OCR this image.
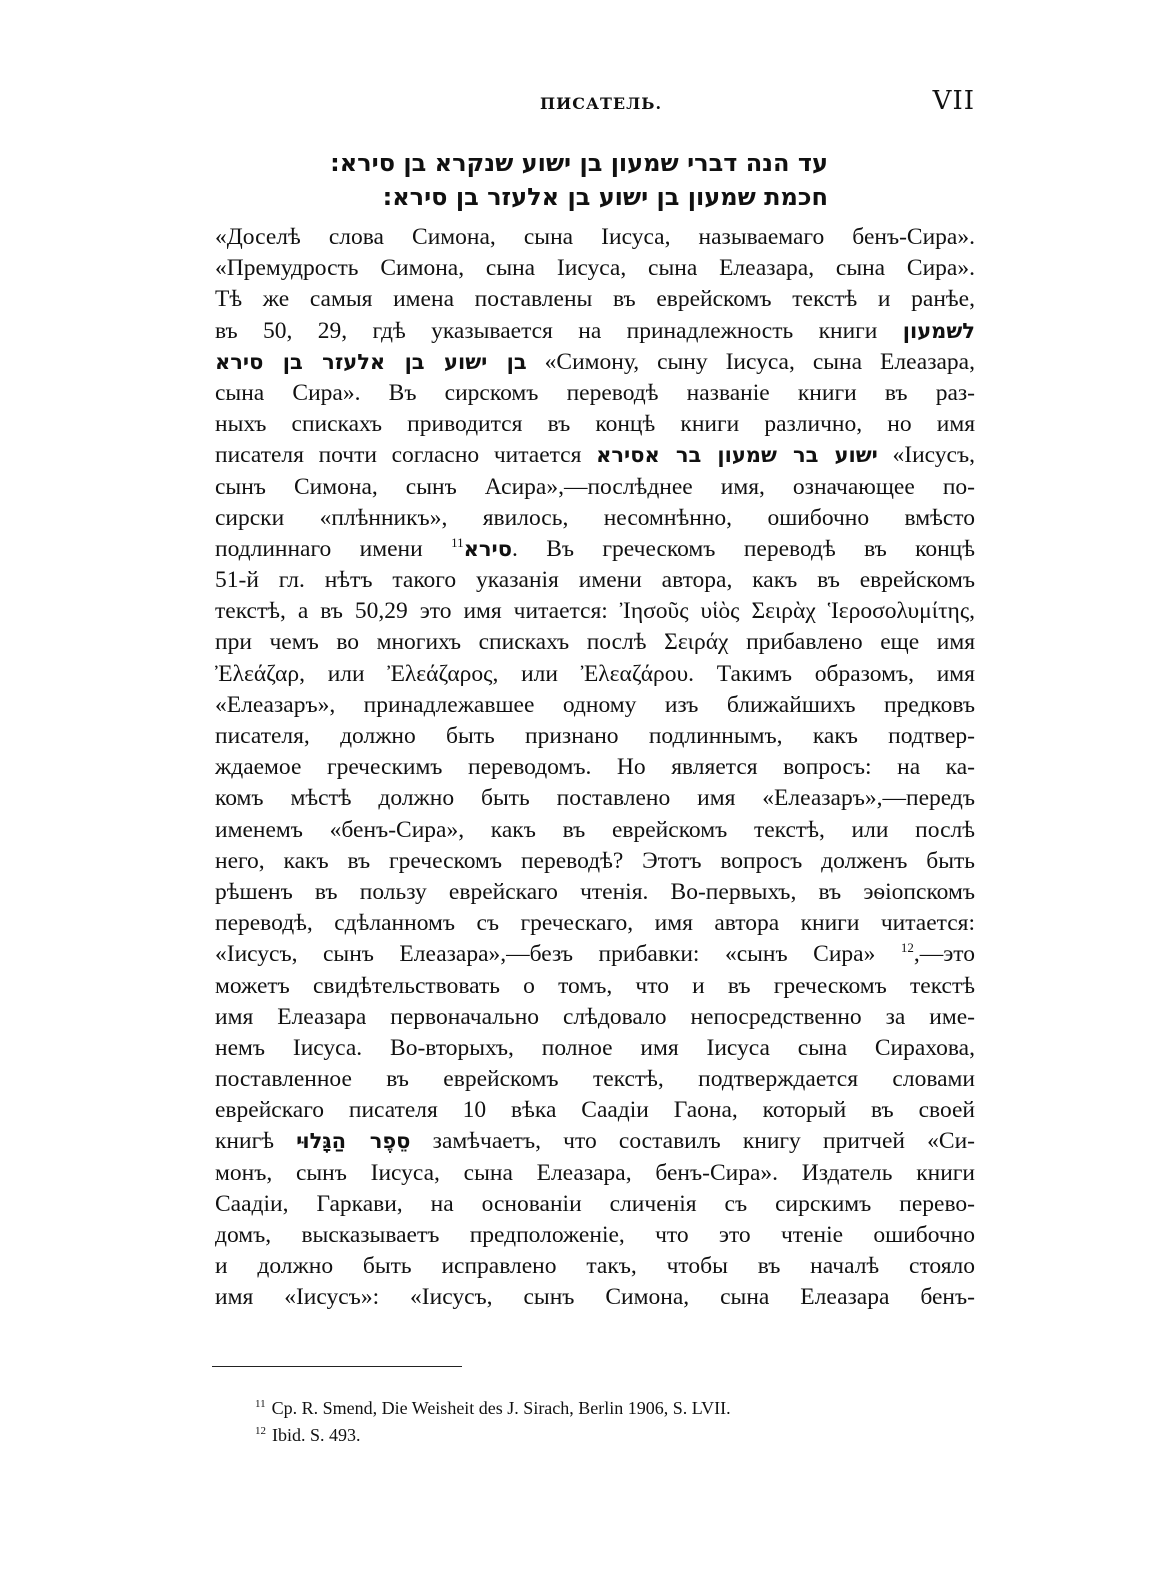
ПИСАТЕЛЬ.	VII
עד הנה דברי שמעון בן ישוע שנקרא בן סירא:
חכמת שמעון בן ישוע בן אלעזר בן סירא:
«Доселѣ слова Симона, сына Іисуса, называемаго бенъ-Сира».
«Премудрость Симона, сына Іисуса, сына Елеазара, сына Сира».
Тѣ же самыя имена поставлены въ еврейскомъ текстѣ и ранѣе,
въ 50, 29, гдѣ указывается на принадлежность книги לשמעון
בן ישוע בן אלעזר בן סירא «Симону, сыну Іисуса, сына Елеазара,
сына Сира». Въ сирскомъ переводѣ названіе книги въ раз-
ныхъ спискахъ приводится въ концѣ книги различно, но имя
писателя почти согласно читается ישוע בר שמעון בר אסירא «Іисусъ,
сынъ Симона, сынъ Асира»,—послѣднее имя, означающее по-
сирски «плѣнникъ», явилось, несомнѣнно, ошибочно вмѣсто
подлиннаго имени סירא$^{11}$ . Въ греческомъ переводѣ въ концѣ
51-й гл. нѣтъ такого указанія имени автора, какъ въ еврейскомъ
текстѣ, а въ 50,29 это имя читается: Ἰησοῦς υἱὸς Σειρὰχ Ἱεροσολυμίτης,
при чемъ во многихъ спискахъ послѣ Σειράχ прибавлено еще имя
Ἐλεάζαρ, или Ἐλεάζαρος, или Ἐλεαζάρου. Такимъ образомъ, имя
«Елеазаръ», принадлежавшее одному изъ ближайшихъ предковъ
писателя, должно быть признано подлиннымъ, какъ подтвер-
ждаемое греческимъ переводомъ. Но является вопросъ: на ка-
комъ мѣстѣ должно быть поставлено имя «Елеазаръ»,—передъ
именемъ «бенъ-Сира», какъ въ еврейскомъ текстѣ, или послѣ
него, какъ въ греческомъ переводѣ? Этотъ вопросъ долженъ быть
рѣшенъ въ пользу еврейскаго чтенія. Во-первыхъ, въ эѳіопскомъ
переводѣ, сдѣланномъ съ греческаго, имя автора книги читается:
«Іисусъ, сынъ Елеазара»,—безъ прибавки: «сынъ Сира» $^{12}$,—это
можетъ свидѣтельствовать о томъ, что и въ греческомъ текстѣ
имя Елеазара первоначально слѣдовало непосредственно за име-
немъ Іисуса. Во-вторыхъ, полное имя Іисуса сына Сирахова,
поставленное въ еврейскомъ текстѣ, подтверждается словами
еврейскаго писателя 10 вѣка Саадіи Гаона, который въ своей
книгѣ סֵפֶר הַגָּלוּי замѣчаетъ, что составилъ книгу притчей «Си-
монъ, сынъ Іисуса, сына Елеазара, бенъ-Сира». Издатель книги
Саадіи, Гаркави, на основаніи сличенія съ сирскимъ перево-
домъ, высказываетъ предположеніе, что это чтеніе ошибочно
и должно быть исправлено такъ, чтобы въ началѣ стояло
имя «Іисусъ»: «Іисусъ, сынъ Симона, сына Елеазара бенъ-
$^{11}$ Ср. R. Smend, Die Weisheit des J. Sirach, Berlin 1906, S. LVII.
$^{12}$ Ibid. S. 493.
